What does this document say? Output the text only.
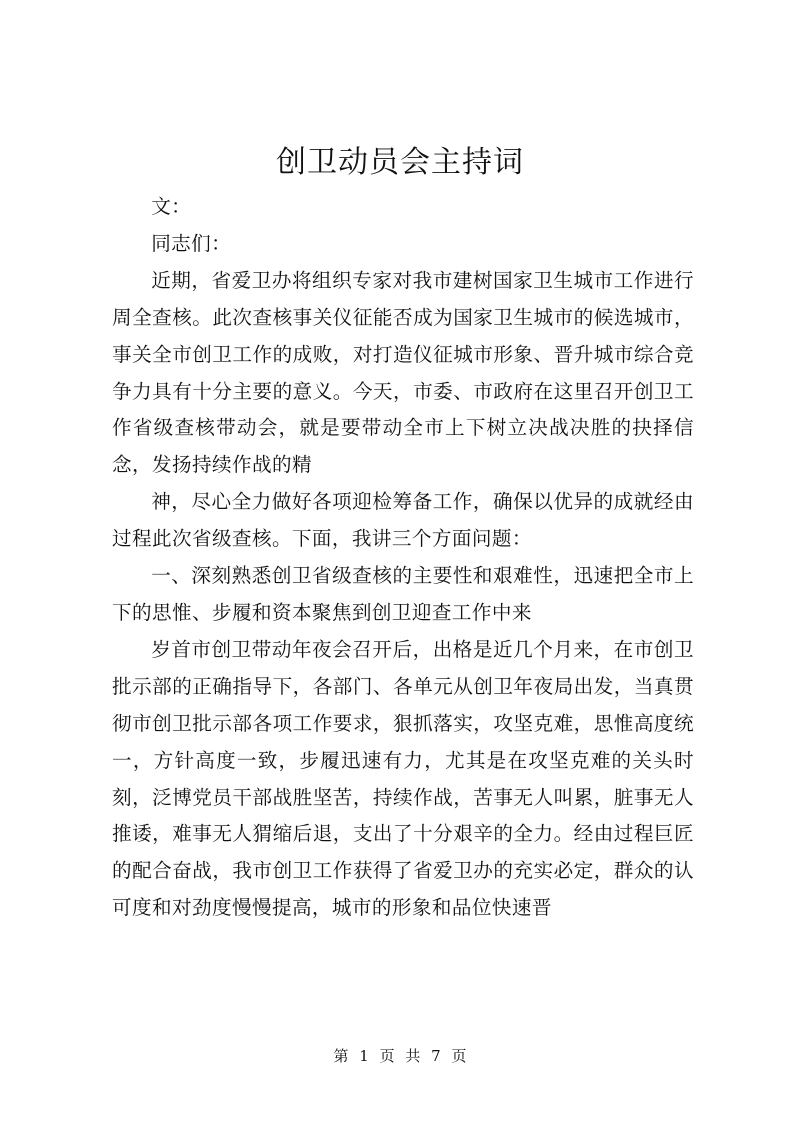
创卫动员会主持词

文：

同志们：

近期，省爱卫办将组织专家对我市建树国家卫生城市工作进行周全查核。此次查核事关仪征能否成为国家卫生城市的候选城市，事关全市创卫工作的成败，对打造仪征城市形象、晋升城市综合竞争力具有十分主要的意义。今天，市委、市政府在这里召开创卫工作省级查核带动会，就是要带动全市上下树立决战决胜的抉择信念，发扬持续作战的精

神，尽心全力做好各项迎检筹备工作，确保以优异的成就经由过程此次省级查核。下面，我讲三个方面问题：

一、深刻熟悉创卫省级查核的主要性和艰难性，迅速把全市上下的思惟、步履和资本聚焦到创卫迎查工作中来

岁首市创卫带动年夜会召开后，出格是近几个月来，在市创卫批示部的正确指导下，各部门、各单元从创卫年夜局出发，当真贯彻市创卫批示部各项工作要求，狠抓落实，攻坚克难，思惟高度统一，方针高度一致，步履迅速有力，尤其是在攻坚克难的关头时刻，泛博党员干部战胜坚苦，持续作战，苦事无人叫累，脏事无人推诿，难事无人猬缩后退，支出了十分艰辛的全力。经由过程巨匠的配合奋战，我市创卫工作获得了省爱卫办的充实必定，群众的认可度和对劲度慢慢提高，城市的形象和品位快速晋

第 1 页 共 7 页
